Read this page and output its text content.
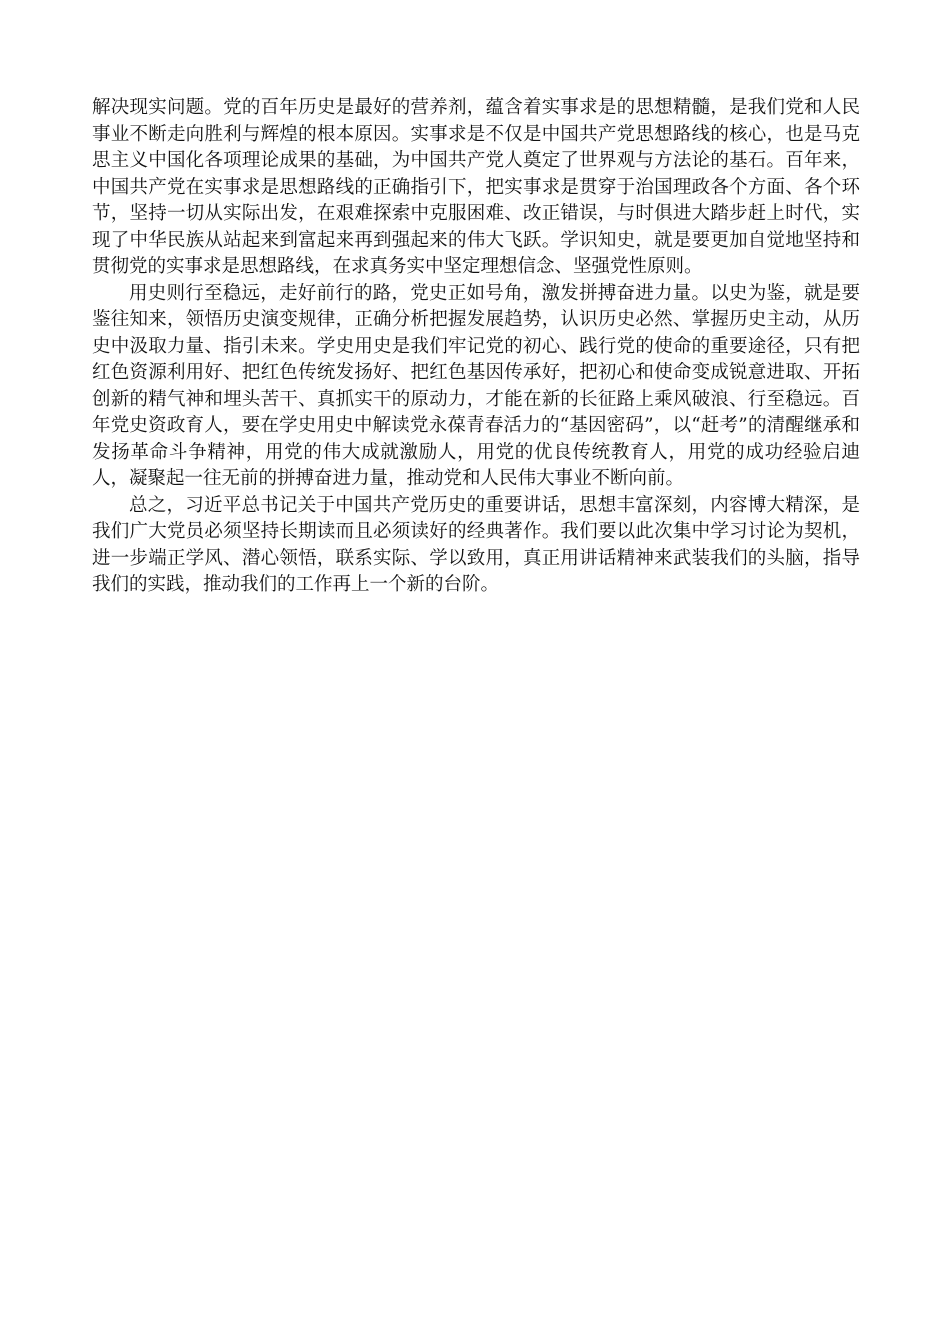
解决现实问题。党的百年历史是最好的营养剂，蕴含着实事求是的思想精髓，是我们党和人民事业不断走向胜利与辉煌的根本原因。实事求是不仅是中国共产党思想路线的核心，也是马克思主义中国化各项理论成果的基础，为中国共产党人奠定了世界观与方法论的基石。百年来，中国共产党在实事求是思想路线的正确指引下，把实事求是贯穿于治国理政各个方面、各个环节，坚持一切从实际出发，在艰难探索中克服困难、改正错误，与时俱进大踏步赶上时代，实现了中华民族从站起来到富起来再到强起来的伟大飞跃。学识知史，就是要更加自觉地坚持和贯彻党的实事求是思想路线，在求真务实中坚定理想信念、坚强党性原则。

用史则行至稳远，走好前行的路，党史正如号角，激发拼搏奋进力量。以史为鉴，就是要鉴往知来，领悟历史演变规律，正确分析把握发展趋势，认识历史必然、掌握历史主动，从历史中汲取力量、指引未来。学史用史是我们牢记党的初心、践行党的使命的重要途径，只有把红色资源利用好、把红色传统发扬好、把红色基因传承好，把初心和使命变成锐意进取、开拓创新的精气神和埋头苦干、真抓实干的原动力，才能在新的长征路上乘风破浪、行至稳远。百年党史资政育人，要在学史用史中解读党永葆青春活力的“基因密码”，以“赶考”的清醒继承和发扬革命斗争精神，用党的伟大成就激励人，用党的优良传统教育人，用党的成功经验启迪人，凝聚起一往无前的拼搏奋进力量，推动党和人民伟大事业不断向前。

总之，习近平总书记关于中国共产党历史的重要讲话，思想丰富深刻，内容博大精深，是我们广大党员必须坚持长期读而且必须读好的经典著作。我们要以此次集中学习讨论为契机，进一步端正学风、潜心领悟，联系实际、学以致用，真正用讲话精神来武装我们的头脑，指导我们的实践，推动我们的工作再上一个新的台阶。
